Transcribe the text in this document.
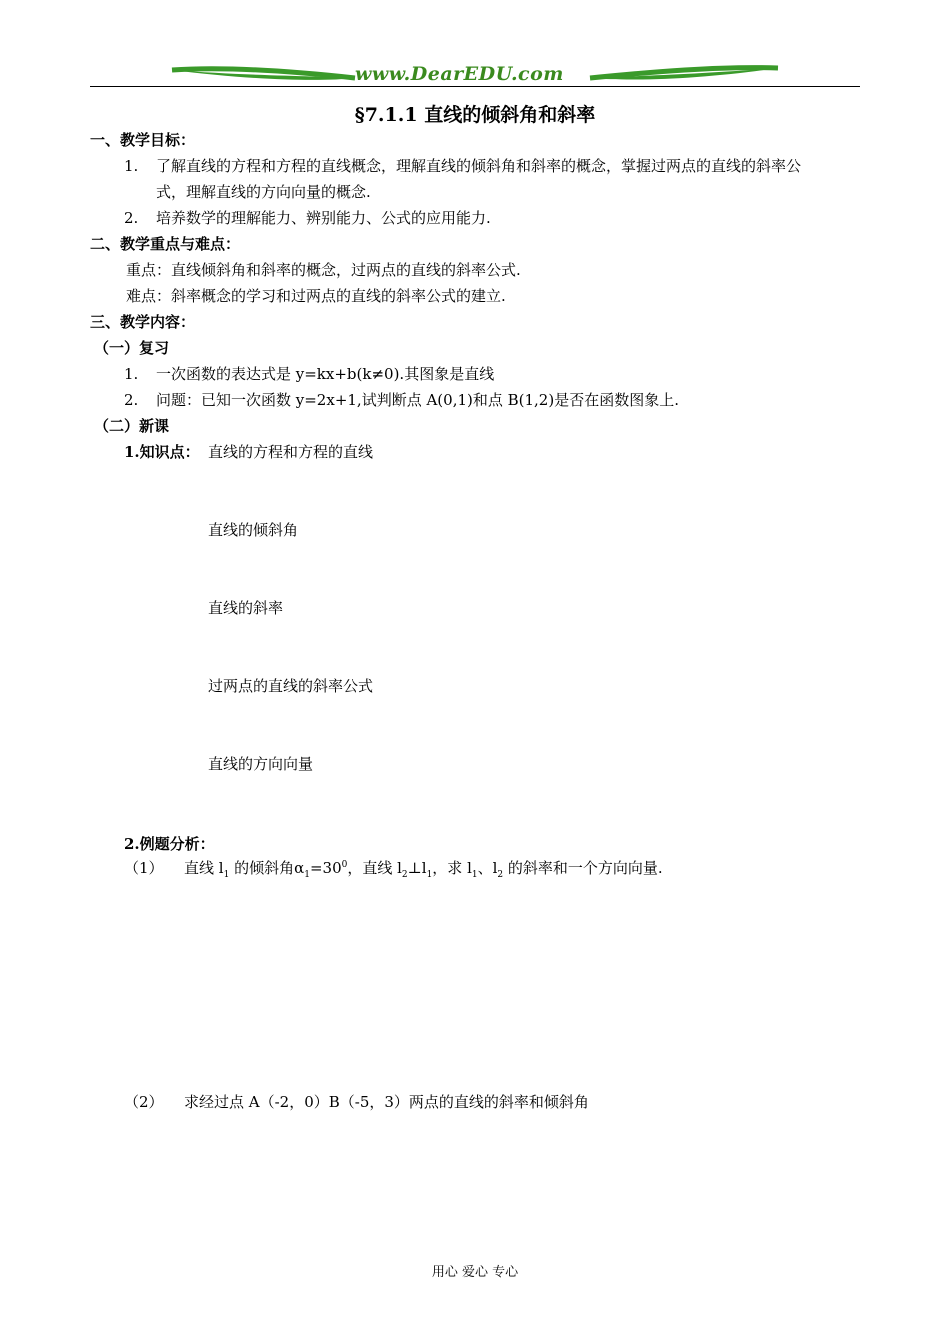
www.DearEDU.com
§7.1.1 直线的倾斜角和斜率
一、教学目标：
1. 了解直线的方程和方程的直线概念，理解直线的倾斜角和斜率的概念，掌握过两点的直线的斜率公
式，理解直线的方向向量的概念.
2. 培养数学的理解能力、辨别能力、公式的应用能力.
二、教学重点与难点：
重点：直线倾斜角和斜率的概念，过两点的直线的斜率公式.
难点：斜率概念的学习和过两点的直线的斜率公式的建立.
三、教学内容：
（一）复习
1. 一次函数的表达式是 y=kx+b(k≠0).其图象是直线
2. 问题：已知一次函数 y=2x+1,试判断点 A(0,1)和点 B(1,2)是否在函数图象上.
（二）新课
1.知识点： 直线的方程和方程的直线
直线的倾斜角
直线的斜率
过两点的直线的斜率公式
直线的方向向量
2.例题分析：
（1） 直线 $l_1$ 的倾斜角$\alpha_1=30^0$，直线 $l_2\perp l_1$，求 $l_1$、$l_2$ 的斜率和一个方向向量.
（2） 求经过点 A（-2，0）B（-5，3）两点的直线的斜率和倾斜角
用心 爱心 专心
